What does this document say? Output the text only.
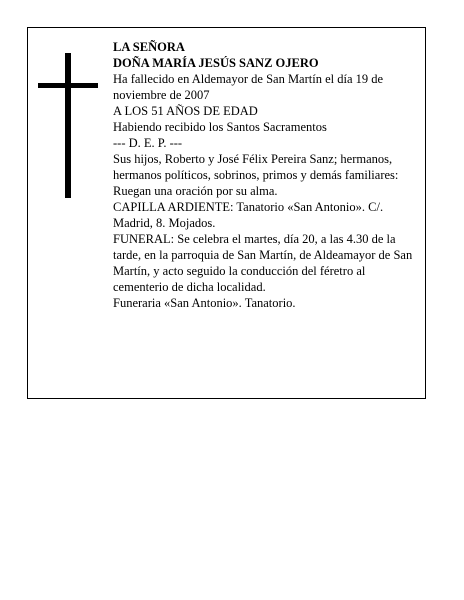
LA SEÑORA

DOÑA MARÍA JESÚS SANZ OJERO

Ha fallecido en Aldemayor de San Martín el día 19 de noviembre de 2007

A LOS 51 AÑOS DE EDAD

Habiendo recibido los Santos Sacramentos

--- D. E. P. ---

Sus hijos, Roberto y José Félix Pereira Sanz; hermanos, hermanos políticos, sobrinos, primos y demás familiares:

Ruegan una oración por su alma.

CAPILLA ARDIENTE: Tanatorio «San Antonio». C/. Madrid, 8. Mojados.

FUNERAL: Se celebra el martes, día 20, a las 4.30 de la tarde, en la parroquia de San Martín, de Aldeamayor de San Martín, y acto seguido la conducción del féretro al cementerio de dicha localidad.

Funeraria «San Antonio». Tanatorio.
